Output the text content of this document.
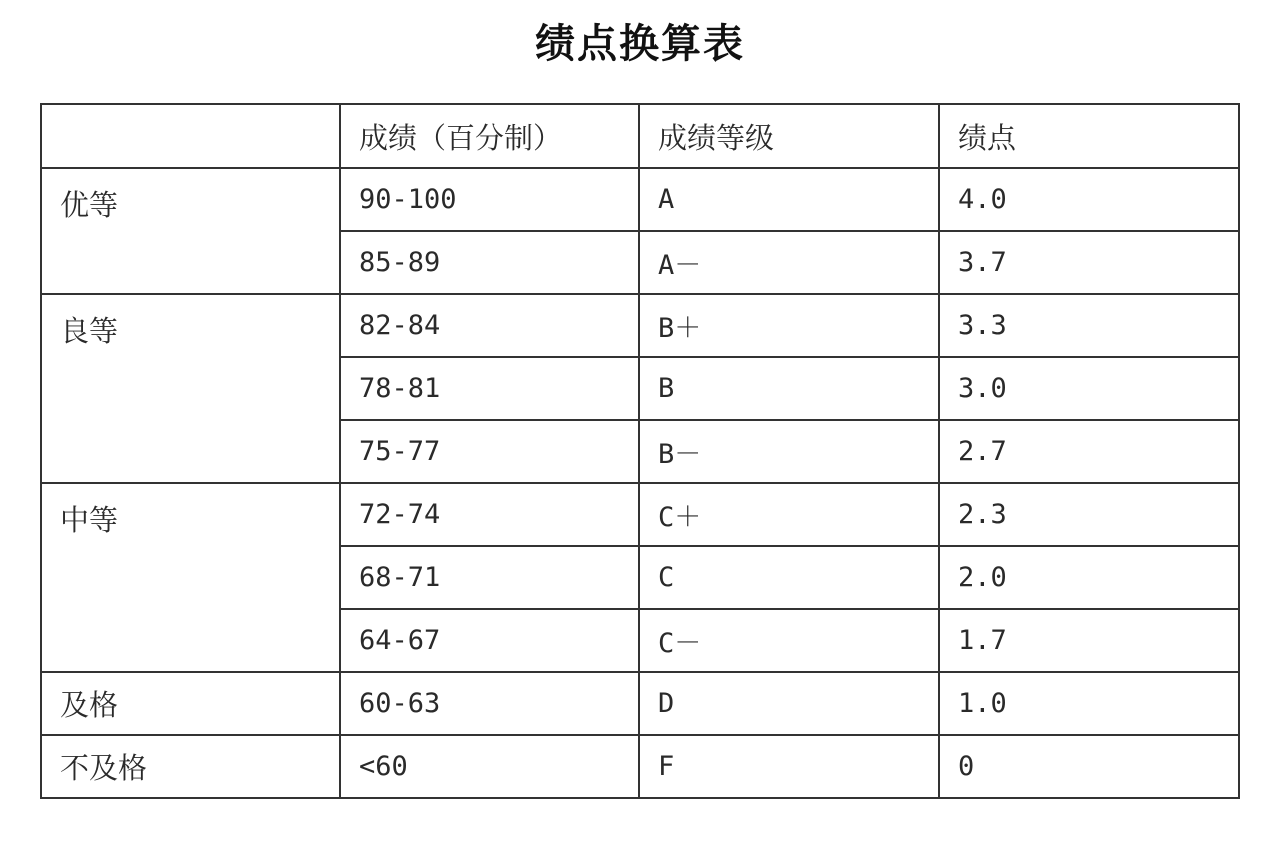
绩点换算表
	成绩（百分制）	成绩等级	绩点
优等	90-100	A	4.0
	85-89	A－	3.7
良等	82-84	B＋	3.3
	78-81	B	3.0
	75-77	B－	2.7
中等	72-74	C＋	2.3
	68-71	C	2.0
	64-67	C－	1.7
及格	60-63	D	1.0
不及格	<60	F	0
